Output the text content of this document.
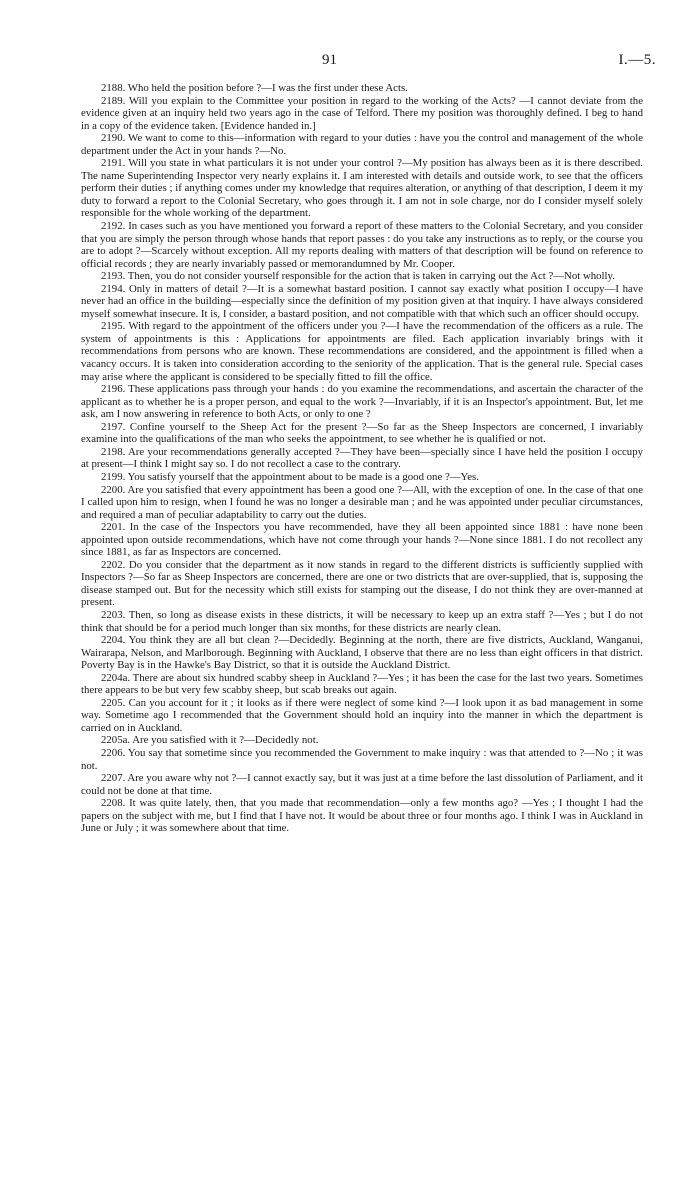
91	I.—5.

2188. Who held the position before ?—I was the first under these Acts.

2189. Will you explain to the Committee your position in regard to the working of the Acts? —I cannot deviate from the evidence given at an inquiry held two years ago in the case of Telford. There my position was thoroughly defined. I beg to hand in a copy of the evidence taken. [Evidence handed in.]

2190. We want to come to this—information with regard to your duties : have you the control and management of the whole department under the Act in your hands ?—No.

2191. Will you state in what particulars it is not under your control ?—My position has always been as it is there described. The name Superintending Inspector very nearly explains it. I am interested with details and outside work, to see that the officers perform their duties ; if anything comes under my knowledge that requires alteration, or anything of that description, I deem it my duty to forward a report to the Colonial Secretary, who goes through it. I am not in sole charge, nor do I consider myself solely responsible for the whole working of the department.

2192. In cases such as you have mentioned you forward a report of these matters to the Colonial Secretary, and you consider that you are simply the person through whose hands that report passes : do you take any instructions as to reply, or the course you are to adopt ?—Scarcely without exception. All my reports dealing with matters of that description will be found on reference to official records ; they are nearly invariably passed or memorandumned by Mr. Cooper.

2193. Then, you do not consider yourself responsible for the action that is taken in carrying out the Act ?—Not wholly.

2194. Only in matters of detail ?—It is a somewhat bastard position. I cannot say exactly what position I occupy—I have never had an office in the building—especially since the definition of my position given at that inquiry. I have always considered myself somewhat insecure. It is, I consider, a bastard position, and not compatible with that which such an officer should occupy.

2195. With regard to the appointment of the officers under you ?—I have the recommendation of the officers as a rule. The system of appointments is this : Applications for appointments are filed. Each application invariably brings with it recommendations from persons who are known. These recommendations are considered, and the appointment is filled when a vacancy occurs. It is taken into consideration according to the seniority of the application. That is the general rule. Special cases may arise where the applicant is considered to be specially fitted to fill the office.

2196. These applications pass through your hands : do you examine the recommendations, and ascertain the character of the applicant as to whether he is a proper person, and equal to the work ?—Invariably, if it is an Inspector's appointment. But, let me ask, am I now answering in reference to both Acts, or only to one ?

2197. Confine yourself to the Sheep Act for the present ?—So far as the Sheep Inspectors are concerned, I invariably examine into the qualifications of the man who seeks the appointment, to see whether he is qualified or not.

2198. Are your recommendations generally accepted ?—They have been—specially since I have held the position I occupy at present—I think I might say so. I do not recollect a case to the contrary.

2199. You satisfy yourself that the appointment about to be made is a good one ?—Yes.

2200. Are you satisfied that every appointment has been a good one ?—All, with the exception of one. In the case of that one I called upon him to resign, when I found he was no longer a desirable man ; and he was appointed under peculiar circumstances, and required a man of peculiar adaptability to carry out the duties.

2201. In the case of the Inspectors you have recommended, have they all been appointed since 1881 : have none been appointed upon outside recommendations, which have not come through your hands ?—None since 1881. I do not recollect any since 1881, as far as Inspectors are concerned.

2202. Do you consider that the department as it now stands in regard to the different districts is sufficiently supplied with Inspectors ?—So far as Sheep Inspectors are concerned, there are one or two districts that are over-supplied, that is, supposing the disease stamped out. But for the necessity which still exists for stamping out the disease, I do not think they are over-manned at present.

2203. Then, so long as disease exists in these districts, it will be necessary to keep up an extra staff ?—Yes ; but I do not think that should be for a period much longer than six months, for these districts are nearly clean.

2204. You think they are all but clean ?—Decidedly. Beginning at the north, there are five districts, Auckland, Wanganui, Wairarapa, Nelson, and Marlborough. Beginning with Auckland, I observe that there are no less than eight officers in that district. Poverty Bay is in the Hawke's Bay District, so that it is outside the Auckland District.

2204a. There are about six hundred scabby sheep in Auckland ?—Yes ; it has been the case for the last two years. Sometimes there appears to be but very few scabby sheep, but scab breaks out again.

2205. Can you account for it ; it looks as if there were neglect of some kind ?—I look upon it as bad management in some way. Sometime ago I recommended that the Government should hold an inquiry into the manner in which the department is carried on in Auckland.

2205a. Are you satisfied with it ?—Decidedly not.

2206. You say that sometime since you recommended the Government to make inquiry : was that attended to ?—No ; it was not.

2207. Are you aware why not ?—I cannot exactly say, but it was just at a time before the last dissolution of Parliament, and it could not be done at that time.

2208. It was quite lately, then, that you made that recommendation—only a few months ago? —Yes ; I thought I had the papers on the subject with me, but I find that I have not. It would be about three or four months ago. I think I was in Auckland in June or July ; it was somewhere about that time.
